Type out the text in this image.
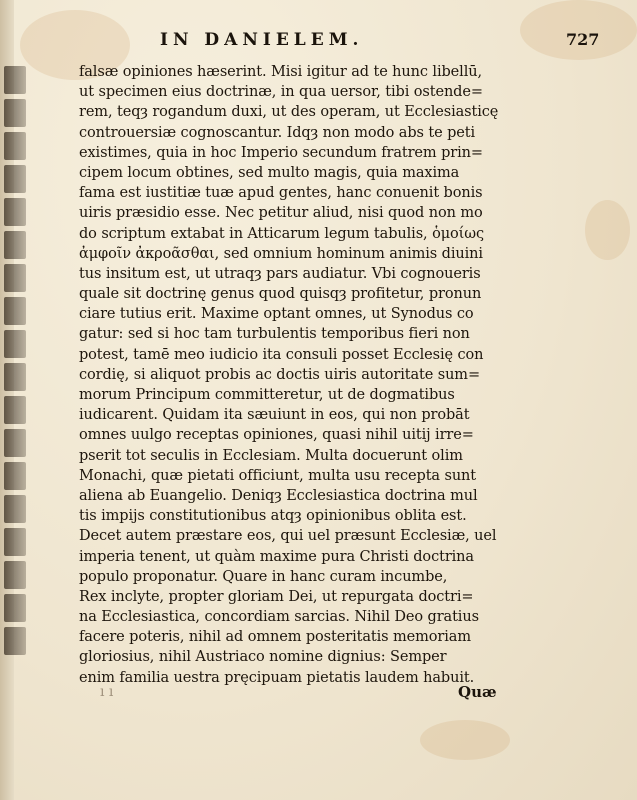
IN DANIELEM.	727
falsæ opiniones hæserint. Misi igitur ad te hunc libellū,
ut specimen eius doctrinæ, in qua uersor, tibi ostende=
rem, teqȝ rogandum duxi, ut des operam, ut Ecclesiasticę
controuersiæ cognoscantur. Idqȝ non modo abs te peti
existimes, quia in hoc Imperio secundum fratrem prin=
cipem locum obtines, sed multo magis, quia maxima
fama est iustitiæ tuæ apud gentes, hanc conuenit bonis
uiris præsidio esse. Nec petitur aliud, nisi quod non mo
do scriptum extabat in Atticarum legum tabulis, ὁμοίως
ἀμφοῖν ἀκροᾶσθαι, sed omnium hominum animis diuini
tus insitum est, ut utraqȝ pars audiatur. Vbi cognoueris
quale sit doctrinę genus quod quisqȝ profitetur, pronun
ciare tutius erit. Maxime optant omnes, ut Synodus co
gatur: sed si hoc tam turbulentis temporibus fieri non
potest, tamē meo iudicio ita consuli posset Ecclesię con
cordię, si aliquot probis ac doctis uiris autoritate sum=
morum Principum committeretur, ut de dogmatibus
iudicarent. Quidam ita sæuiunt in eos, qui non probāt
omnes uulgo receptas opiniones, quasi nihil uitij irre=
pserit tot seculis in Ecclesiam. Multa docuerunt olim
Monachi, quæ pietati officiunt, multa usu recepta sunt
aliena ab Euangelio. Deniqȝ Ecclesiastica doctrina mul
tis impijs constitutionibus atqȝ opinionibus oblita est.
Decet autem præstare eos, qui uel præsunt Ecclesiæ, uel
imperia tenent, ut quàm maxime pura Christi doctrina
populo proponatur. Quare in hanc curam incumbe,
Rex inclyte, propter gloriam Dei, ut repurgata doctri=
na Ecclesiastica, concordiam sarcias. Nihil Deo gratius
facere poteris, nihil ad omnem posteritatis memoriam
gloriosius, nihil Austriaco nomine dignius: Semper
enim familia uestra pręcipuam pietatis laudem habuit.
ı ı	Quæ
